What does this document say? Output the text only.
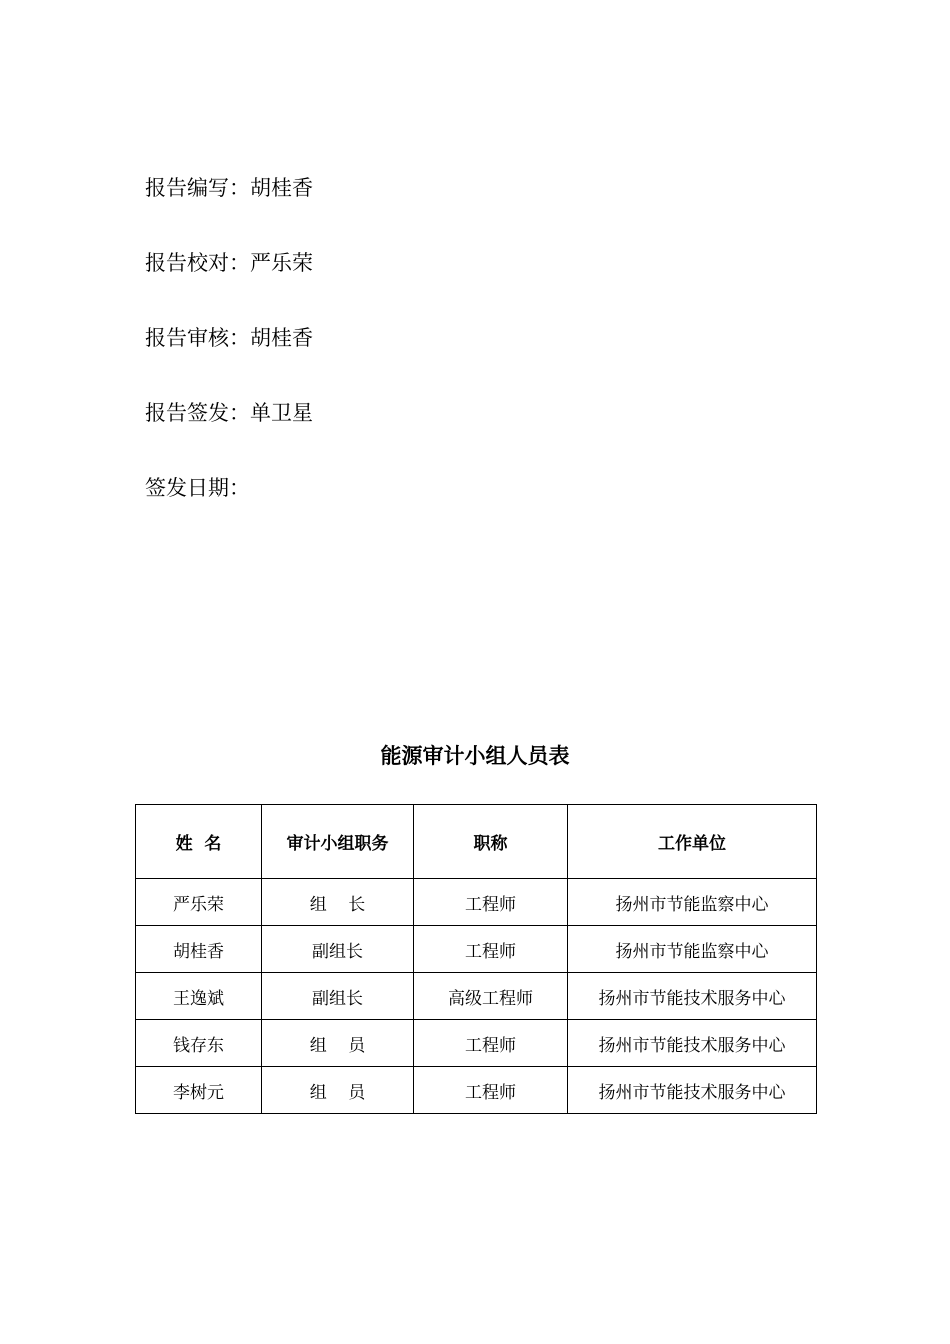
报告编写：胡桂香
报告校对：严乐荣
报告审核：胡桂香
报告签发：单卫星
签发日期：
能源审计小组人员表
姓  名	审计小组职务	职称	工作单位
严乐荣	组    长	工程师	扬州市节能监察中心
胡桂香	副组长	工程师	扬州市节能监察中心
王逸斌	副组长	高级工程师	扬州市节能技术服务中心
钱存东	组    员	工程师	扬州市节能技术服务中心
李树元	组    员	工程师	扬州市节能技术服务中心
